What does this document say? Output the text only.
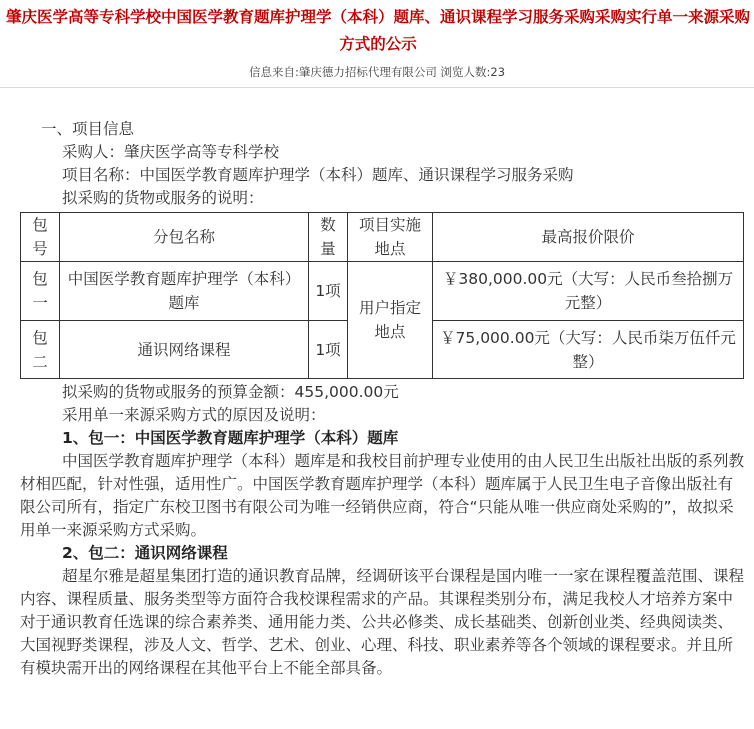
肇庆医学高等专科学校中国医学教育题库护理学（本科）题库、通识课程学习服务采购采购实行单一来源采购方式的公示
信息来自:肇庆德力招标代理有限公司 浏览人数:23

一、项目信息

采购人：肇庆医学高等专科学校

项目名称：中国医学教育题库护理学（本科）题库、通识课程学习服务采购

拟采购的货物或服务的说明：

包号	分包名称	数量	项目实施地点	最高报价限价
包一	中国医学教育题库护理学（本科）题库	1项	用户指定地点	￥380,000.00元（大写：人民币叁拾捌万元整）
包二	通识网络课程	1项		￥75,000.00元（大写：人民币柒万伍仟元整）

拟采购的货物或服务的预算金额：455,000.00元

采用单一来源采购方式的原因及说明：

1、包一：中国医学教育题库护理学（本科）题库

中国医学教育题库护理学（本科）题库是和我校目前护理专业使用的由人民卫生出版社出版的系列教材相匹配，针对性强，适用性广。中国医学教育题库护理学（本科）题库属于人民卫生电子音像出版社有限公司所有，指定广东校卫图书有限公司为唯一经销供应商，符合“只能从唯一供应商处采购的”，故拟采用单一来源采购方式采购。

2、包二：通识网络课程

超星尔雅是超星集团打造的通识教育品牌，经调研该平台课程是国内唯一一家在课程覆盖范围、课程内容、课程质量、服务类型等方面符合我校课程需求的产品。其课程类别分布，满足我校人才培养方案中对于通识教育任选课的综合素养类、通用能力类、公共必修类、成长基础类、创新创业类、经典阅读类、大国视野类课程，涉及人文、哲学、艺术、创业、心理、科技、职业素养等各个领域的课程要求。并且所有模块需开出的网络课程在其他平台上不能全部具备。
